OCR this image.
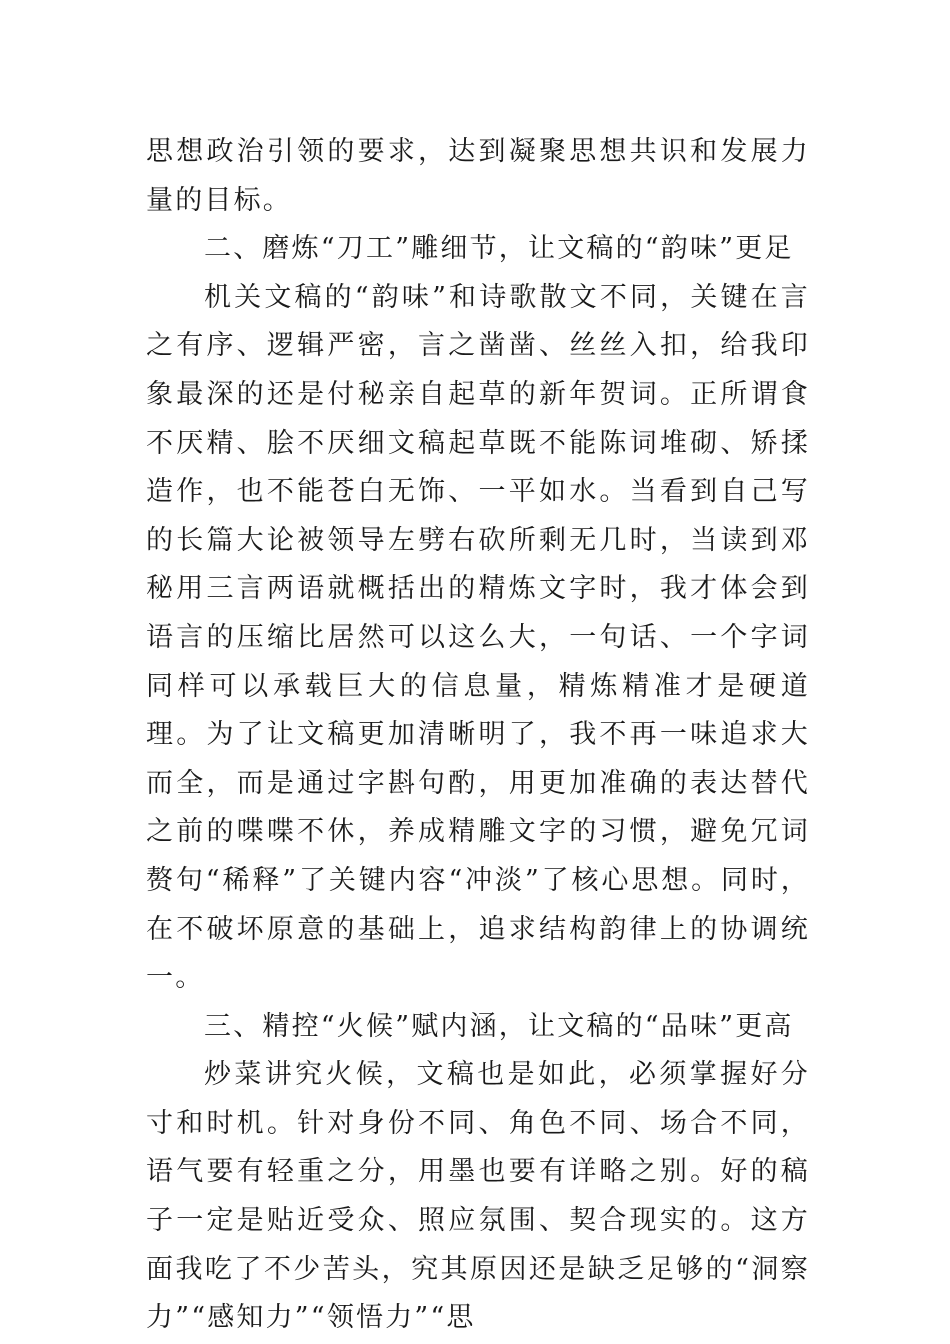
思想政治引领的要求，达到凝聚思想共识和发展力量的目标。

二、磨炼“刀工”雕细节，让文稿的“韵味”更足

机关文稿的“韵味”和诗歌散文不同，关键在言之有序、逻辑严密，言之凿凿、丝丝入扣，给我印象最深的还是付秘亲自起草的新年贺词。正所谓食不厌精、脍不厌细文稿起草既不能陈词堆砌、矫揉造作，也不能苍白无饰、一平如水。当看到自己写的长篇大论被领导左劈右砍所剩无几时，当读到邓秘用三言两语就概括出的精炼文字时，我才体会到语言的压缩比居然可以这么大，一句话、一个字词同样可以承载巨大的信息量，精炼精准才是硬道理。为了让文稿更加清晰明了，我不再一味追求大而全，而是通过字斟句酌，用更加准确的表达替代之前的喋喋不休，养成精雕文字的习惯，避免冗词赘句“稀释”了关键内容“冲淡”了核心思想。同时，在不破坏原意的基础上，追求结构韵律上的协调统一。

三、精控“火候”赋内涵，让文稿的“品味”更高

炒菜讲究火候，文稿也是如此，必须掌握好分寸和时机。针对身份不同、角色不同、场合不同，语气要有轻重之分，用墨也要有详略之别。好的稿子一定是贴近受众、照应氛围、契合现实的。这方面我吃了不少苦头，究其原因还是缺乏足够的“洞察力”“感知力”“领悟力”“思
